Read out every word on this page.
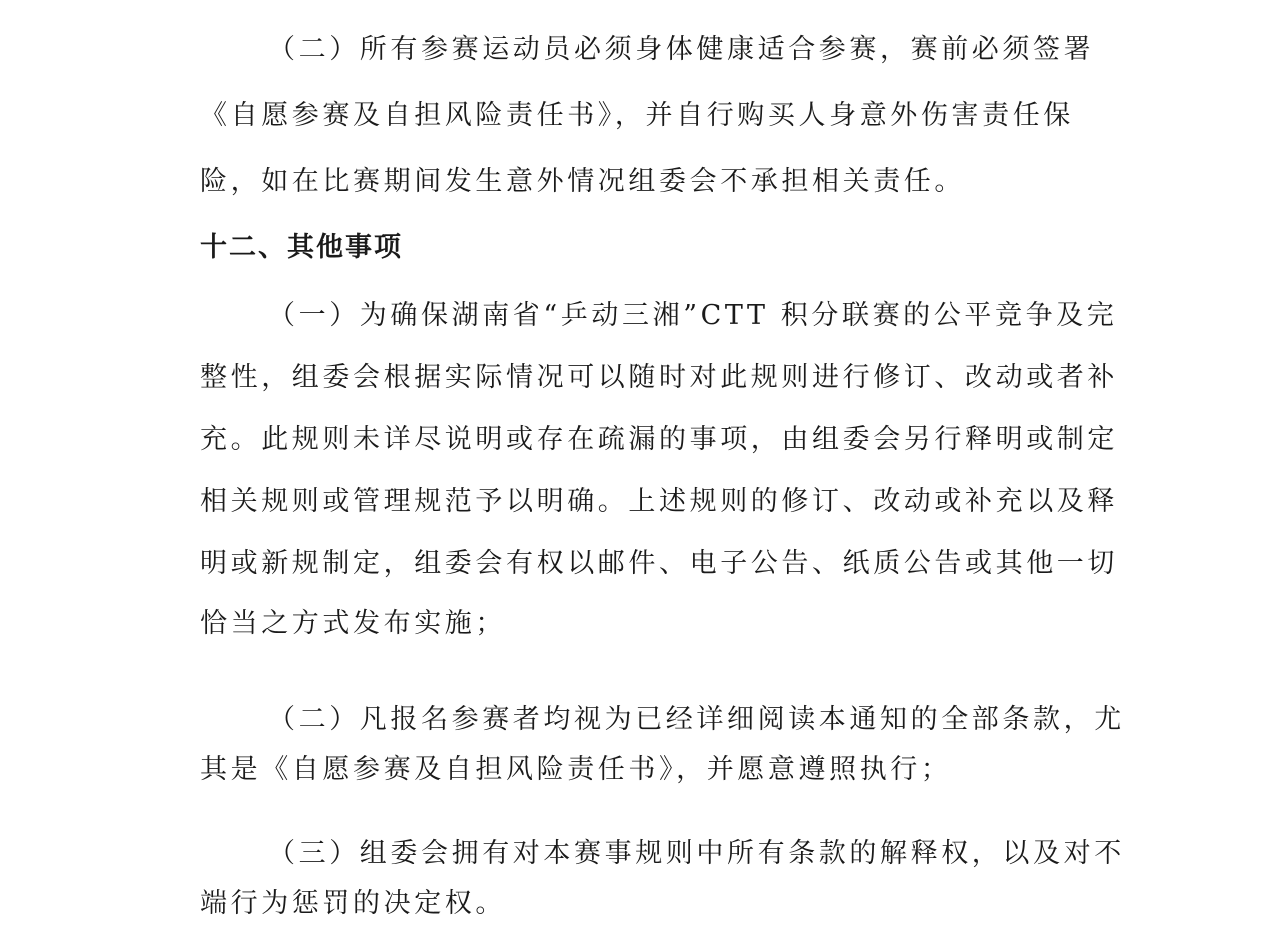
（二）所有参赛运动员必须身体健康适合参赛，赛前必须签署
《自愿参赛及自担风险责任书》，并自行购买人身意外伤害责任保
险，如在比赛期间发生意外情况组委会不承担相关责任。
十二、其他事项
（一）为确保湖南省“乒动三湘”CTT 积分联赛的公平竞争及完
整性，组委会根据实际情况可以随时对此规则进行修订、改动或者补
充。此规则未详尽说明或存在疏漏的事项，由组委会另行释明或制定
相关规则或管理规范予以明确。上述规则的修订、改动或补充以及释
明或新规制定，组委会有权以邮件、电子公告、纸质公告或其他一切
恰当之方式发布实施；
（二）凡报名参赛者均视为已经详细阅读本通知的全部条款，尤
其是《自愿参赛及自担风险责任书》，并愿意遵照执行；
（三）组委会拥有对本赛事规则中所有条款的解释权，以及对不
端行为惩罚的决定权。
